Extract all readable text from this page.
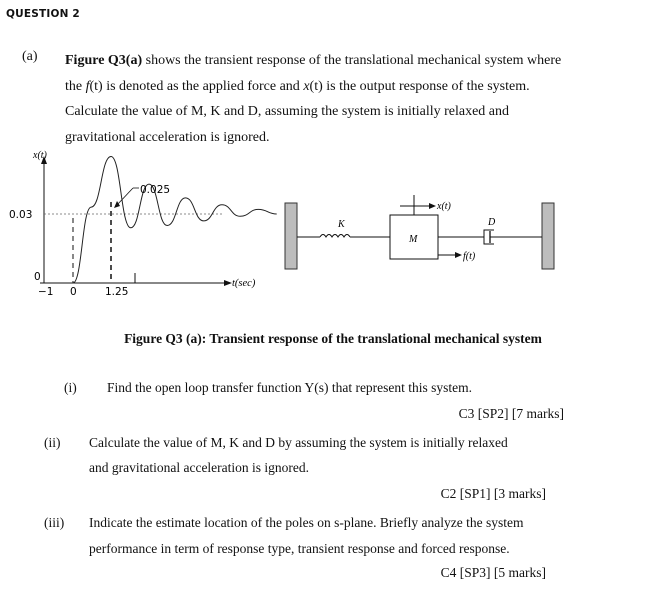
QUESTION 2
(a) Figure Q3(a) shows the transient response of the translational mechanical system where
the f(t) is denoted as the applied force and x(t) is the output response of the system.
Calculate the value of M, K and D, assuming the system is initially relaxed and
gravitational acceleration is ignored.
0.025
x(t)
0.03
0
−1 0	1.25
t(sec)
K
M
x(t)
f(t)
D
Figure Q3 (a): Transient response of the translational mechanical system
(i) Find the open loop transfer function Y(s) that represent this system.
C3 [SP2] [7 marks]
(ii) Calculate the value of M, K and D by assuming the system is initially relaxed
and gravitational acceleration is ignored.
C2 [SP1] [3 marks]
(iii) Indicate the estimate location of the poles on s-plane. Briefly analyze the system
performance in term of response type, transient response and forced response.
C4 [SP3] [5 marks]
